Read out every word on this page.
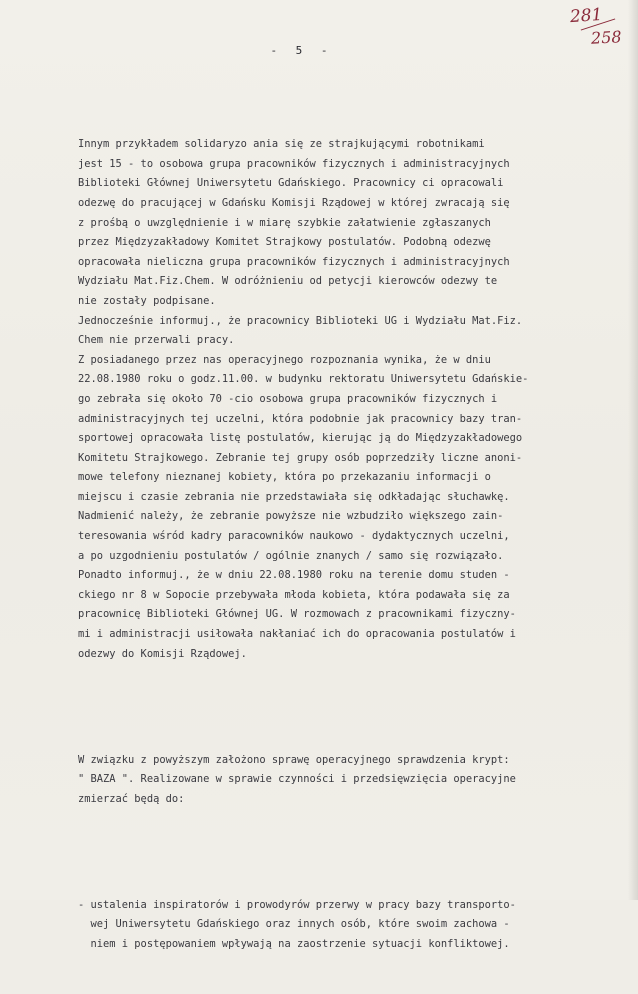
- 5 -
281
258

Innym przykładem solidaryzo ania się ze strajkującymi robotnikami
jest 15 - to osobowa grupa pracowników fizycznych i administracyjnych
Biblioteki Głównej Uniwersytetu Gdańskiego. Pracownicy ci opracowali
odezwę do pracującej w Gdańsku Komisji Rządowej w której zwracają się
z prośbą o uwzględnienie i w miarę szybkie załatwienie zgłaszanych
przez Międzyzakładowy Komitet Strajkowy postulatów. Podobną odezwę
opracowała nieliczna grupa pracowników fizycznych i administracyjnych
Wydziału Mat.Fiz.Chem. W odróżnieniu od petycji kierowców odezwy te
nie zostały podpisane.
Jednocześnie informuj., że pracownicy Biblioteki UG i Wydziału Mat.Fiz.
Chem nie przerwali pracy.
Z posiadanego przez nas operacyjnego rozpoznania wynika, że w dniu
22.08.1980 roku o godz.11.00. w budynku rektoratu Uniwersytetu Gdańskie-
go zebrała się około 70 -cio osobowa grupa pracowników fizycznych i
administracyjnych tej uczelni, która podobnie jak pracownicy bazy tran-
sportowej opracowała listę postulatów, kierując ją do Międzyzakładowego
Komitetu Strajkowego. Zebranie tej grupy osób poprzedziły liczne anoni-
mowe telefony nieznanej kobiety, która po przekazaniu informacji o
miejscu i czasie zebrania nie przedstawiała się odkładając słuchawkę.
Nadmienić należy, że zebranie powyższe nie wzbudziło większego zain-
teresowania wśród kadry paracowników naukowo - dydaktycznych uczelni,
a po uzgodnieniu postulatów / ogólnie znanych / samo się rozwiązało.
Ponadto informuj., że w dniu 22.08.1980 roku na terenie domu studen -
ckiego nr 8 w Sopocie przebywała młoda kobieta, która podawała się za
pracownicę Biblioteki Głównej UG. W rozmowach z pracownikami fizyczny-
mi i administracji usiłowała nakłaniać ich do opracowania postulatów i
odezwy do Komisji Rządowej.

W związku z powyższym założono sprawę operacyjnego sprawdzenia krypt:
" BAZA ". Realizowane w sprawie czynności i przedsięwzięcia operacyjne
zmierzać będą do:

- ustalenia inspiratorów i prowodyrów przerwy w pracy bazy transporto-
wej Uniwersytetu Gdańskiego oraz innych osób, które swoim zachowa -
niem i postępowaniem wpływają na zaostrzenie sytuacji konfliktowej.
